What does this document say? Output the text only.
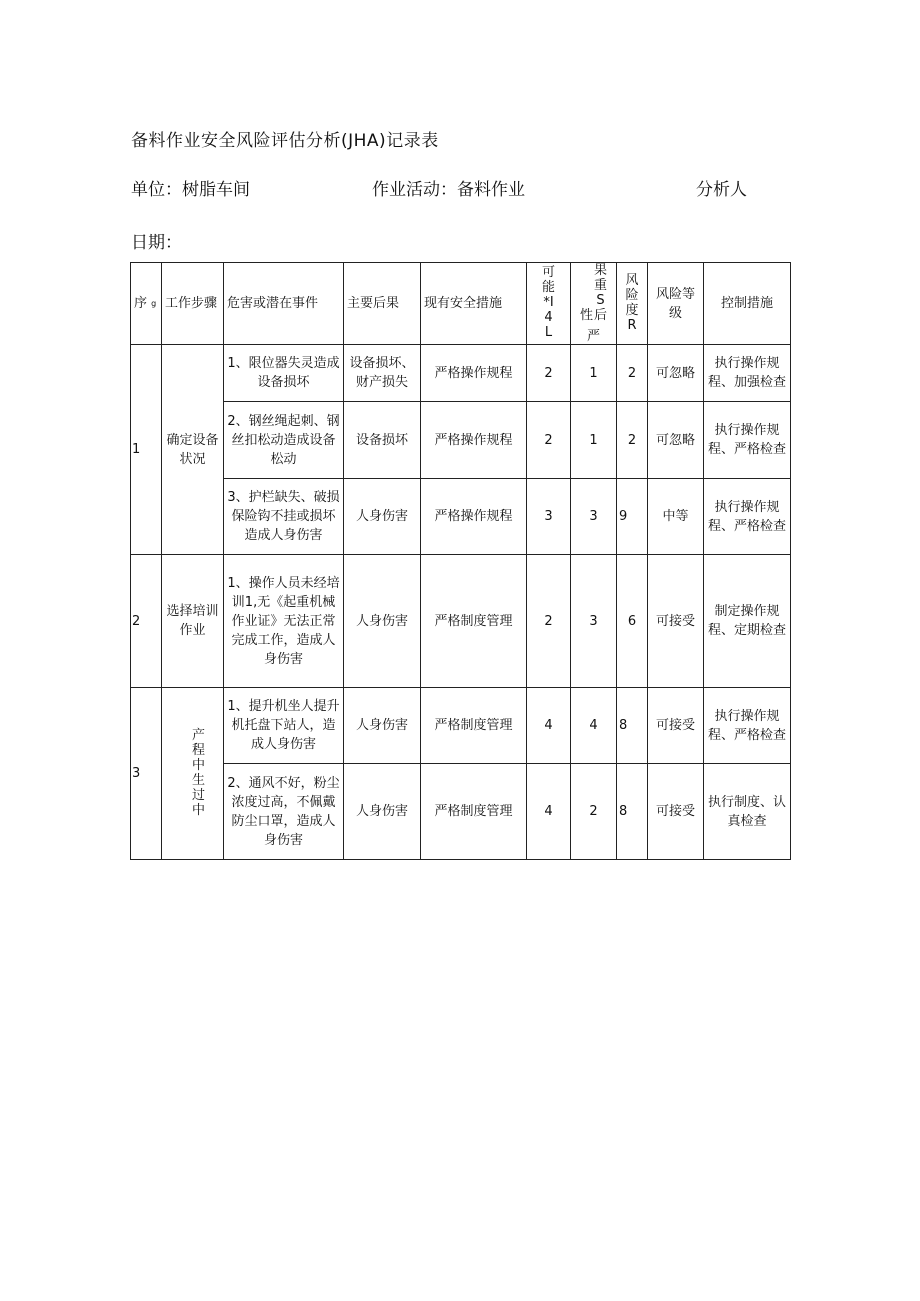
备料作业安全风险评估分析(JHA)记录表
单位：树脂车间	作业活动：备料作业	分析人
日期：
序 g	工作步骤	危害或潜在事件	主要后果	现有安全措施	可能*I4L	性果重S后严	风险度R	风险等级	控制措施
1	确定设备状况	1、限位器失灵造成设备损坏	设备损坏、财产损失	严格操作规程	2	1	2	可忽略	执行操作规程、加强检查
		2、钢丝绳起刺、钢丝扣松动造成设备松动	设备损坏	严格操作规程	2	1	2	可忽略	执行操作规程、严格检查
		3、护栏缺失、破损保险钩不挂或损坏造成人身伤害	人身伤害	严格操作规程	3	3	9	中等	执行操作规程、严格检查
2	选择培训作业	1、操作人员未经培训1,无《起重机械作业证》无法正常完成工作，造成人身伤害	人身伤害	严格制度管理	2	3	6	可接受	制定操作规程、定期检查
3	产程中生过中	1、提升机坐人提升机托盘下站人，造成人身伤害	人身伤害	严格制度管理	4	4	8	可接受	执行操作规程、严格检查
		2、通风不好，粉尘浓度过高，不佩戴防尘口罩，造成人身伤害	人身伤害	严格制度管理	4	2	8	可接受	执行制度、认真检查
